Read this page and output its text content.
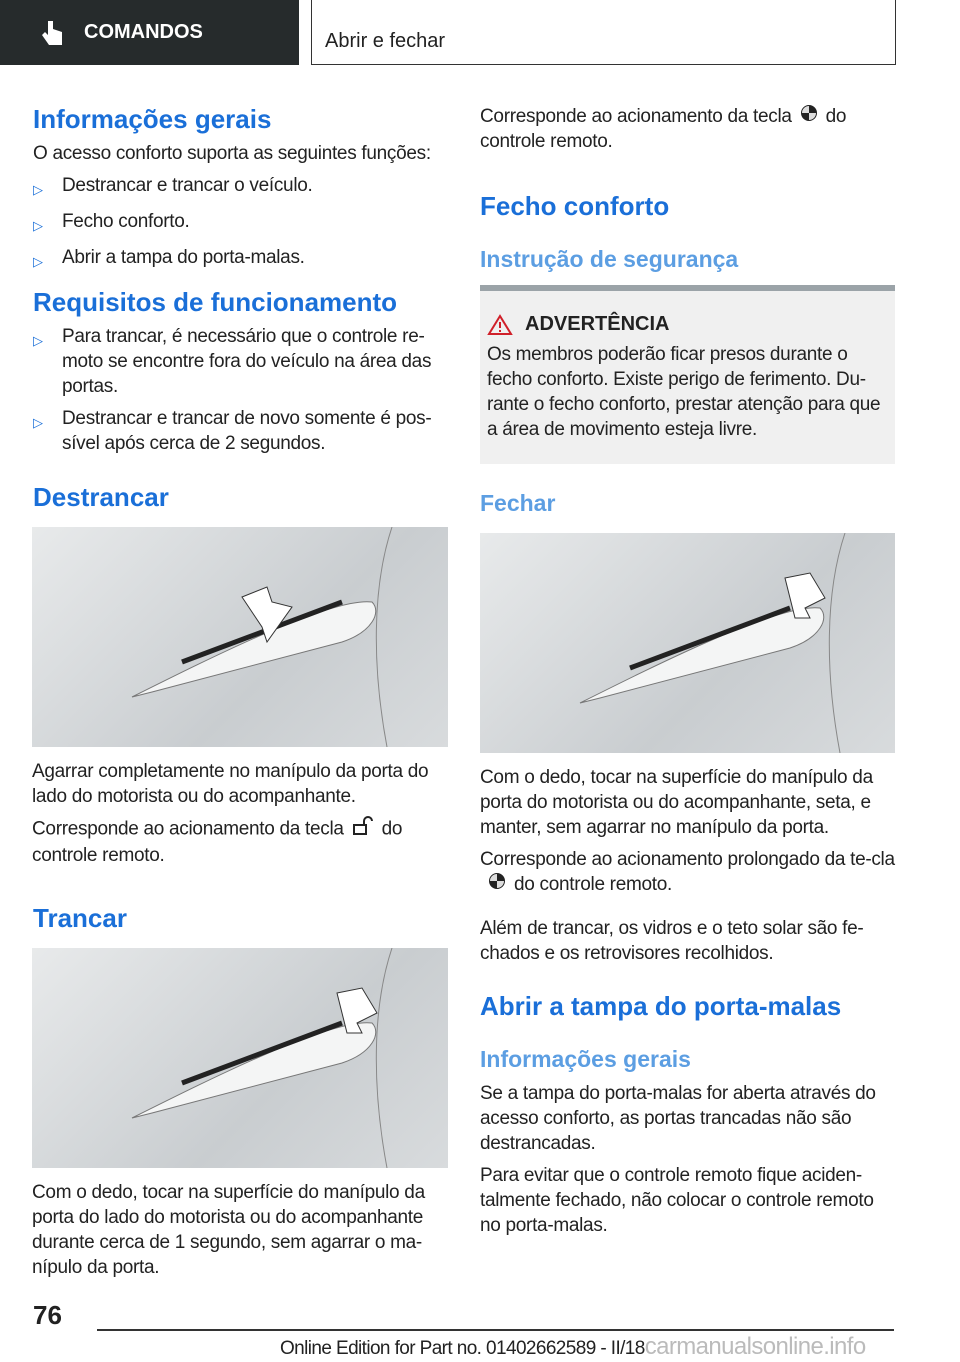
COMANDOS	Abrir e fechar
Informações gerais
O acesso conforto suporta as seguintes funções:
▷	Destrancar e trancar o veículo.
▷	Fecho conforto.
▷	Abrir a tampa do porta-malas.
Requisitos de funcionamento
▷	Para trancar, é necessário que o controle re-moto se encontre fora do veículo na área das portas.
▷	Destrancar e trancar de novo somente é pos-sível após cerca de 2 segundos.
Destrancar
Agarrar completamente no manípulo da porta do lado do motorista ou do acompanhante.
Corresponde ao acionamento da tecla do controle remoto.
Trancar
Com o dedo, tocar na superfície do manípulo da porta do lado do motorista ou do acompanhante durante cerca de 1 segundo, sem agarrar o ma-nípulo da porta.
Corresponde ao acionamento da tecla do controle remoto.
Fecho conforto
Instrução de segurança
ADVERTÊNCIA
Os membros poderão ficar presos durante o fecho conforto. Existe perigo de ferimento. Du-rante o fecho conforto, prestar atenção para que a área de movimento esteja livre.
Fechar
Com o dedo, tocar na superfície do manípulo da porta do motorista ou do acompanhante, seta, e manter, sem agarrar no manípulo da porta.
Corresponde ao acionamento prolongado da te-clado controle remoto.
Além de trancar, os vidros e o teto solar são fe-chados e os retrovisores recolhidos.
Abrir a tampa do porta-malas
Informações gerais
Se a tampa do porta-malas for aberta através do acesso conforto, as portas trancadas não são destrancadas.
Para evitar que o controle remoto fique aciden-talmente fechado, não colocar o controle remoto no porta-malas.
76
Online Edition for Part no. 01402662589 - II/18carmanualsonline.info
